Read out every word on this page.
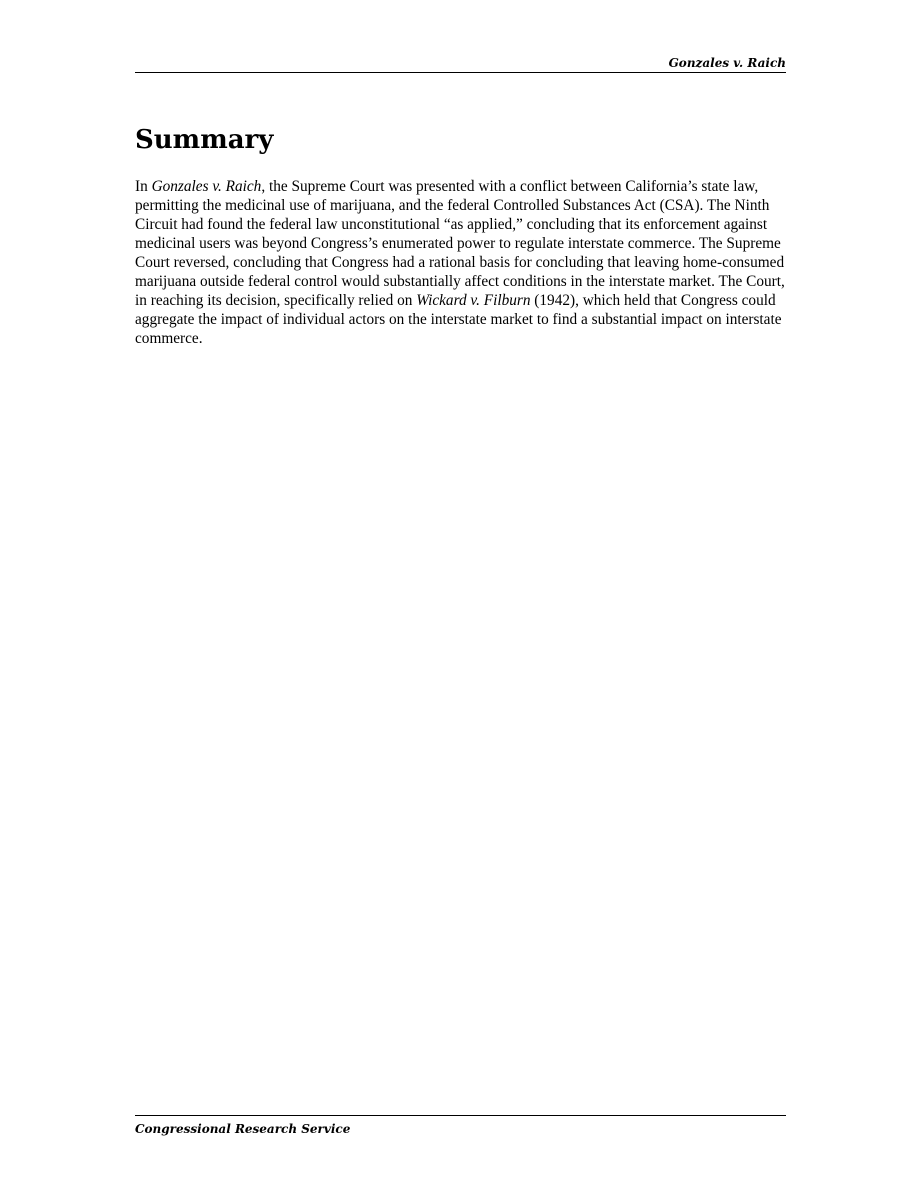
Gonzales v. Raich
Summary

In Gonzales v. Raich, the Supreme Court was presented with a conflict between California’s state law, permitting the medicinal use of marijuana, and the federal Controlled Substances Act (CSA). The Ninth Circuit had found the federal law unconstitutional “as applied,” concluding that its enforcement against medicinal users was beyond Congress’s enumerated power to regulate interstate commerce. The Supreme Court reversed, concluding that Congress had a rational basis for concluding that leaving home-consumed marijuana outside federal control would substantially affect conditions in the interstate market. The Court, in reaching its decision, specifically relied on Wickard v. Filburn (1942), which held that Congress could aggregate the impact of individual actors on the interstate market to find a substantial impact on interstate commerce.

Congressional Research Service
